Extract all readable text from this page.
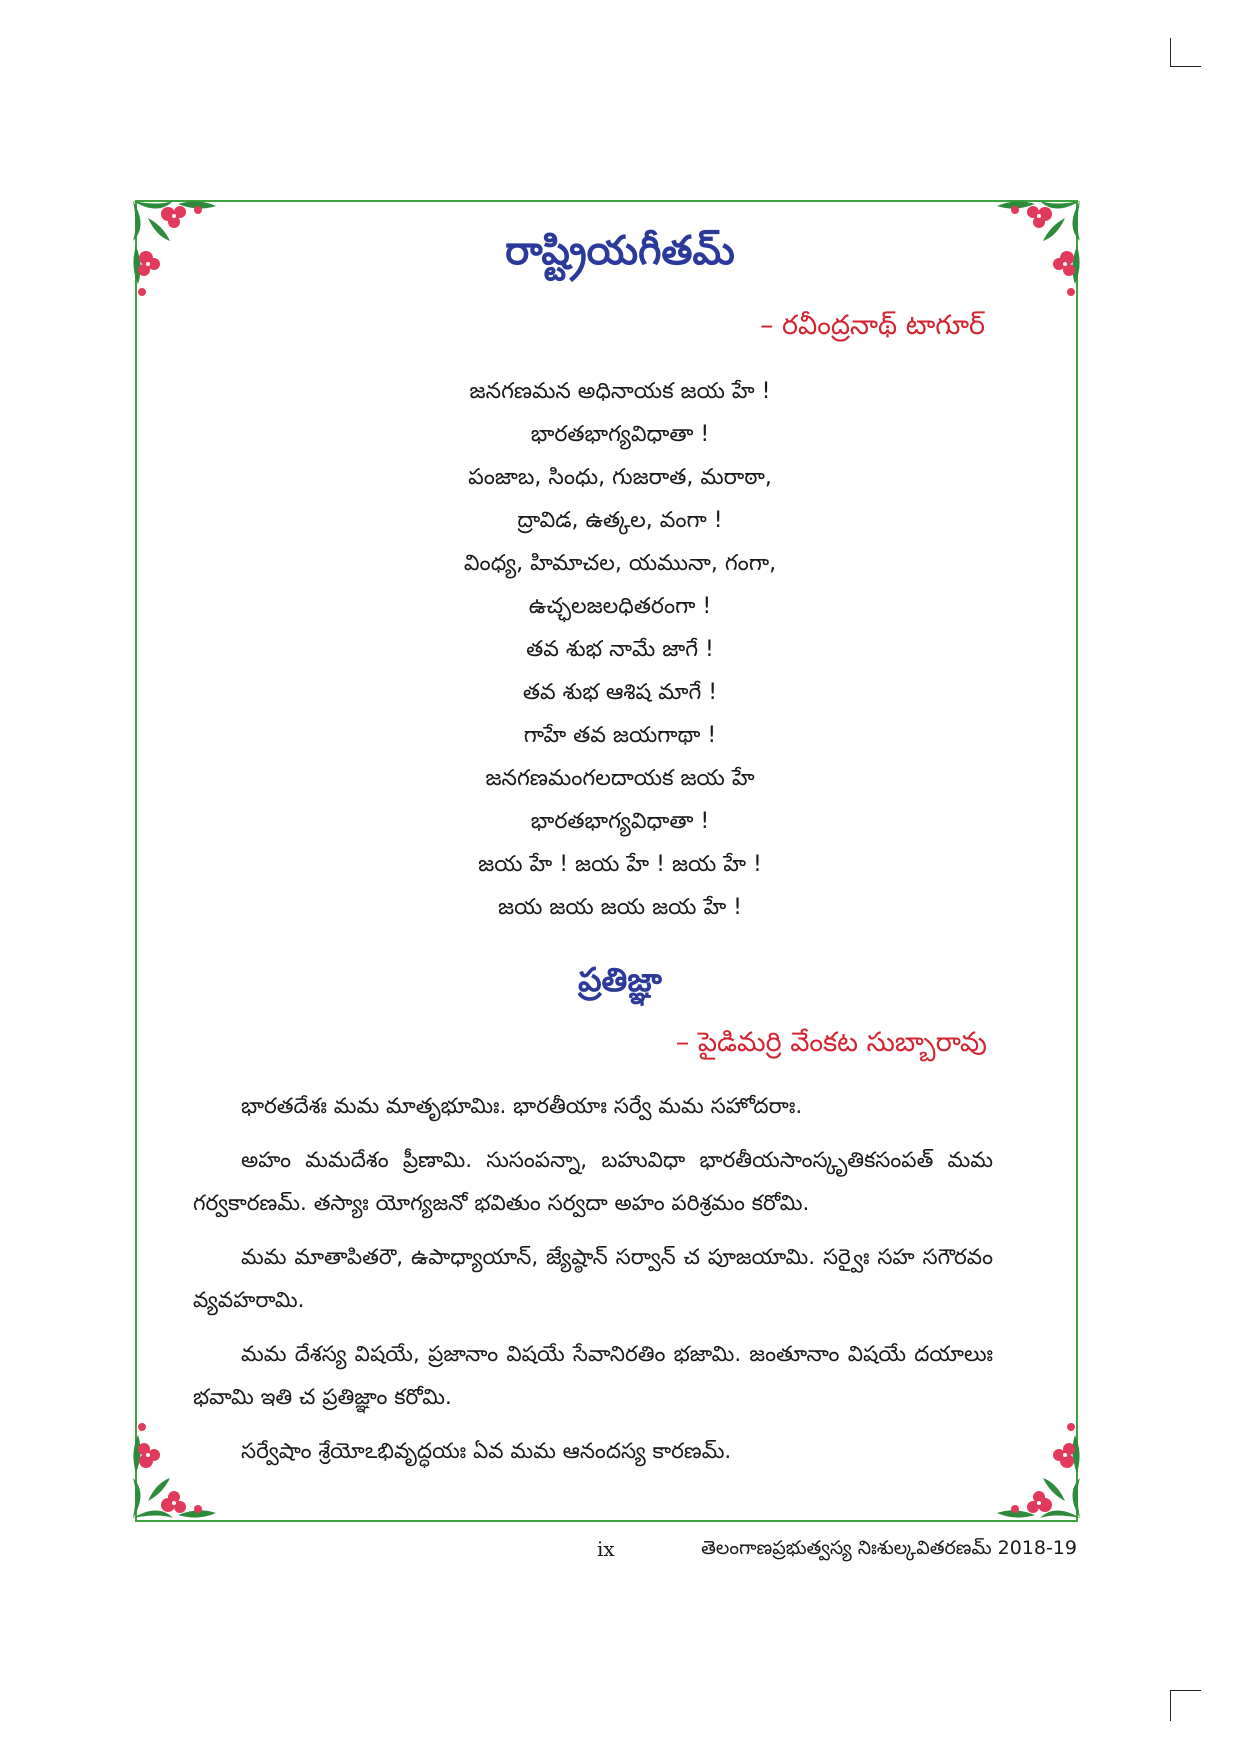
రాష్ట్రియగీతమ్
– రవీంద్రనాథ్ టాగూర్
జనగణమన అధినాయక జయ హే !
భారతభాగ్యవిధాతా !
పంజాబ, సింధు, గుజరాత, మరాఠా,
ద్రావిడ, ఉత్కల, వంగా !
వింధ్య, హిమాచల, యమునా, గంగా,
ఉచ్ఛలజలధితరంగా !
తవ శుభ నామే జాగే !
తవ శుభ ఆశిష మాగే !
గాహే తవ జయగాథా !
జనగణమంగలదాయక జయ హే
భారతభాగ్యవిధాతా !
జయ హే ! జయ హే ! జయ హే !
జయ జయ జయ జయ హే !
ప్రతిజ్ఞా
– పైడిమర్రి వేంకట సుబ్బారావు

భారతదేశః మమ మాతృభూమిః. భారతీయాః సర్వే మమ సహోదరాః.

అహం మమదేశం ప్రీణామి. సుసంపన్నా, బహువిధా భారతీయసాంస్కృతికసంపత్ మమ గర్వకారణమ్. తస్యాః యోగ్యజనో భవితుం సర్వదా అహం పరిశ్రమం కరోమి.

మమ మాతాపితరౌ, ఉపాధ్యాయాన్, జ్యేష్ఠాన్ సర్వాన్ చ పూజయామి. సర్వైః సహ సగౌరవం వ్యవహరామి.

మమ దేశస్య విషయే, ప్రజానాం విషయే సేవానిరతిం భజామి. జంతూనాం విషయే దయాలుః భవామి ఇతి చ ప్రతిజ్ఞాం కరోమి.

సర్వేషాం శ్రేయోఽభివృద్ధయః ఏవ మమ ఆనందస్య కారణమ్.

ix	తెలంగాణప్రభుత్వస్య నిఃశుల్కవితరణమ్ 2018-19
